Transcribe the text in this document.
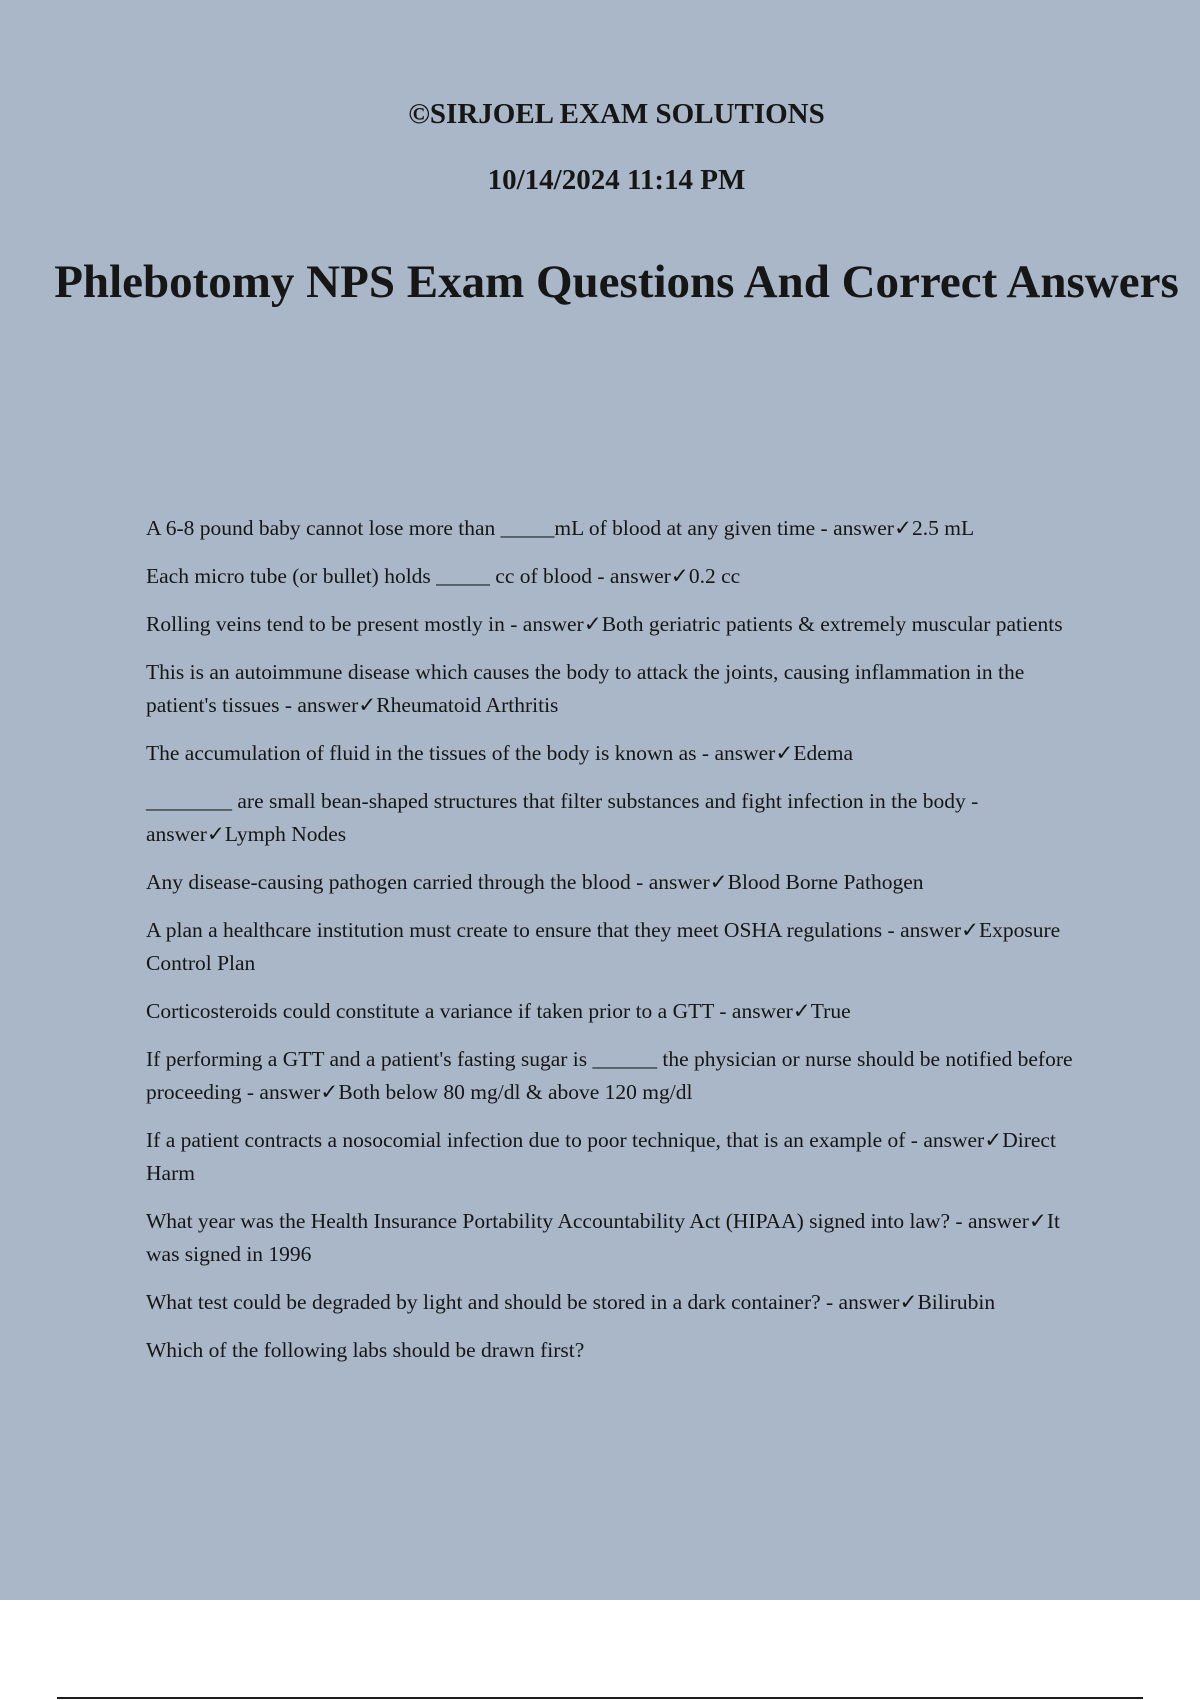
©SIRJOEL EXAM SOLUTIONS

10/14/2024 11:14 PM

Phlebotomy NPS Exam Questions And Correct Answers
A 6-8 pound baby cannot lose more than _____mL of blood at any given time - answer✓2.5 mL
Each micro tube (or bullet) holds _____ cc of blood - answer✓0.2 cc
Rolling veins tend to be present mostly in - answer✓Both geriatric patients & extremely muscular patients
This is an autoimmune disease which causes the body to attack the joints, causing inflammation in the patient's tissues - answer✓Rheumatoid Arthritis
The accumulation of fluid in the tissues of the body is known as - answer✓Edema
________ are small bean-shaped structures that filter substances and fight infection in the body - answer✓Lymph Nodes
Any disease-causing pathogen carried through the blood - answer✓Blood Borne Pathogen
A plan a healthcare institution must create to ensure that they meet OSHA regulations - answer✓Exposure Control Plan
Corticosteroids could constitute a variance if taken prior to a GTT - answer✓True
If performing a GTT and a patient's fasting sugar is ______ the physician or nurse should be notified before proceeding - answer✓Both below 80 mg/dl & above 120 mg/dl
If a patient contracts a nosocomial infection due to poor technique, that is an example of - answer✓Direct Harm
What year was the Health Insurance Portability Accountability Act (HIPAA) signed into law? - answer✓It was signed in 1996
What test could be degraded by light and should be stored in a dark container? - answer✓Bilirubin
Which of the following labs should be drawn first?
